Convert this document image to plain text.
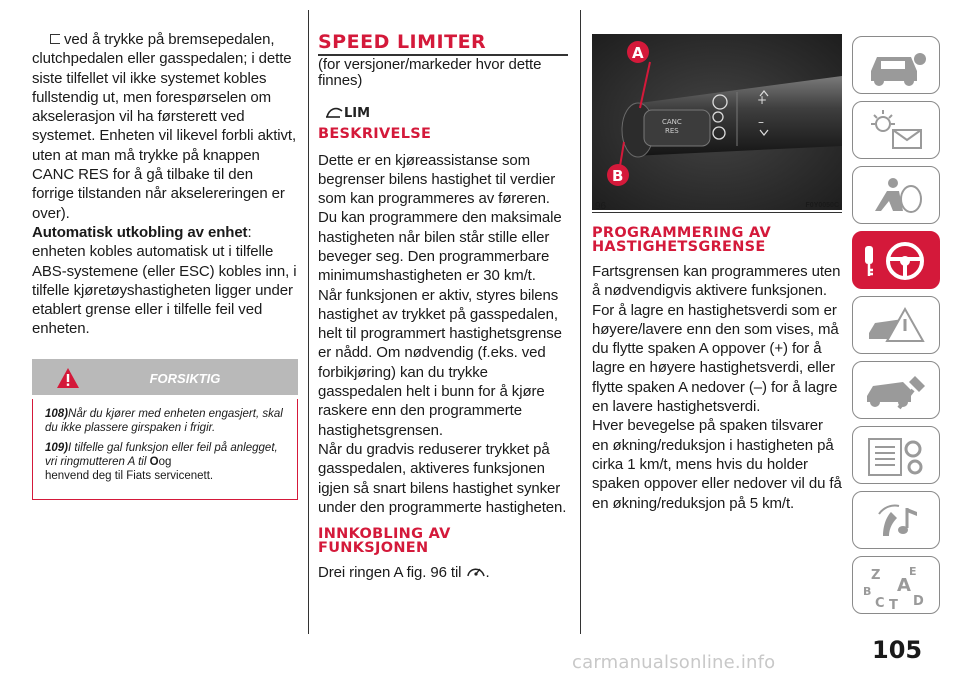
ved å trykke på bremsepedalen, clutchpedalen eller gasspedalen; i dette siste tilfellet vil ikke systemet kobles fullstendig ut, men forespørselen om akselerasjon vil ha førsterett ved systemet. Enheten vil likevel forbli aktivt, uten at man må trykke på knappen CANC RES for å gå tilbake til den forrige tilstanden når akselereringen er over).

Automatisk utkobling av enhet:
enheten kobles automatisk ut i tilfelle ABS-systemene (eller ESC) kobles inn, i tilfelle kjøretøyshastigheten ligger under etablert grense eller i tilfelle feil ved enheten.

FORSIKTIG

108)Når du kjører med enheten engasjert, skal du ikke plassere girspaken i frigir.

109)I tilfelle gal funksjon eller feil på anlegget, vri ringmutteren A til Oog
henvend deg til Fiats servicenett.

SPEED LIMITER

(for versjoner/markeder hvor dette finnes)

LIM
BESKRIVELSE

Dette er en kjøreassistanse som begrenser bilens hastighet til verdier som kan programmeres av føreren. Du kan programmere den maksimale hastigheten når bilen står stille eller beveger seg. Den programmerbare minimumshastigheten er 30 km/t.

Når funksjonen er aktiv, styres bilens hastighet av trykket på gasspedalen, helt til programmert hastighetsgrense er nådd. Om nødvendig (f.eks. ved forbikjøring) kan du trykke gasspedalen helt i bunn for å kjøre raskere enn den programmerte hastighetsgrensen.

Når du gradvis reduserer trykket på gasspedalen, aktiveres funksjonen igjen så snart bilens hastighet synker under den programmerte hastigheten.

INNKOBLING AV FUNKSJONEN

Drei ringen A fig. 96 til .

CANC
RES
+
–
A
B
96	F0Y0050C
PROGRAMMERING AV HASTIGHETSGRENSE

Fartsgrensen kan programmeres uten å nødvendigvis aktivere funksjonen.

For å lagre en hastighetsverdi som er høyere/lavere enn den som vises, må du flytte spaken A oppover (+) for å lagre en høyere hastighetsverdi, eller flytte spaken A nedover (–) for å lagre en lavere hastighetsverdi.

Hver bevegelse på spaken tilsvarer en økning/reduksjon i hastigheten på cirka 1 km/t, mens hvis du holder spaken oppover eller nedover vil du få en økning/reduksjon på 5 km/t.

Z	E
A
B
C T D
105
carmanualsonline.info
